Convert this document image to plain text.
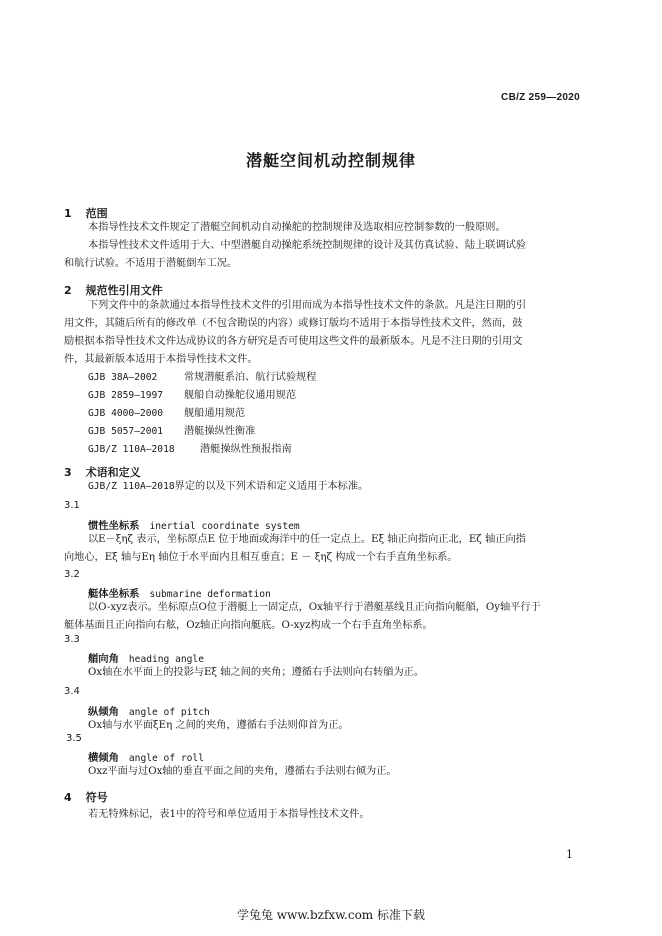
CB/Z 259—2020
潜艇空间机动控制规律
1 范围
本指导性技术文件规定了潜艇空间机动自动操舵的控制规律及选取相应控制参数的一般原则。
本指导性技术文件适用于大、中型潜艇自动操舵系统控制规律的设计及其仿真试验、陆上联调试验
和航行试验。不适用于潜艇倒车工况。
2 规范性引用文件
下列文件中的条款通过本指导性技术文件的引用而成为本指导性技术文件的条款。凡是注日期的引
用文件，其随后所有的修改单（不包含勘误的内容）或修订版均不适用于本指导性技术文件，然而，鼓
励根据本指导性技术文件达成协议的各方研究是否可使用这些文件的最新版本。凡是不注日期的引用文
件，其最新版本适用于本指导性技术文件。
GJB 38A—2002	常规潜艇系泊、航行试验规程
GJB 2859—1997 舰船自动操舵仪通用规范
GJB 4000—2000 舰船通用规范
GJB 5057—2001 潜艇操纵性衡准
GJB/Z 110A—2018 潜艇操纵性预报指南
3 术语和定义
GJB/Z 110A—2018界定的以及下列术语和定义适用于本标准。
3.1
惯性坐标系 inertial coordinate system
以E－ξηζ 表示，坐标原点E 位于地面或海洋中的任一定点上。Eξ 轴正向指向正北，Eζ 轴正向指
向地心，Eξ 轴与Eη 轴位于水平面内且相互垂直；E － ξηζ 构成一个右手直角坐标系。
3.2
艇体坐标系 submarine deformation
以O-xyz表示。坐标原点O位于潜艇上一固定点，Ox轴平行于潜艇基线且正向指向艇艏，Oy轴平行于
艇体基面且正向指向右舷，Oz轴正向指向艇底。O-xyz构成一个右手直角坐标系。
3.3
艏向角 heading angle
Ox轴在水平面上的投影与Eξ 轴之间的夹角；遵循右手法则向右转艏为正。
3.4
纵倾角 angle of pitch
Ox轴与水平面ξEη 之间的夹角，遵循右手法则仰首为正。
3.5
横倾角 angle of roll
Oxz平面与过Ox轴的垂直平面之间的夹角，遵循右手法则右倾为正。
4 符号
若无特殊标记，表1中的符号和单位适用于本指导性技术文件。
1
学兔兔 www.bzfxw.com 标准下载
